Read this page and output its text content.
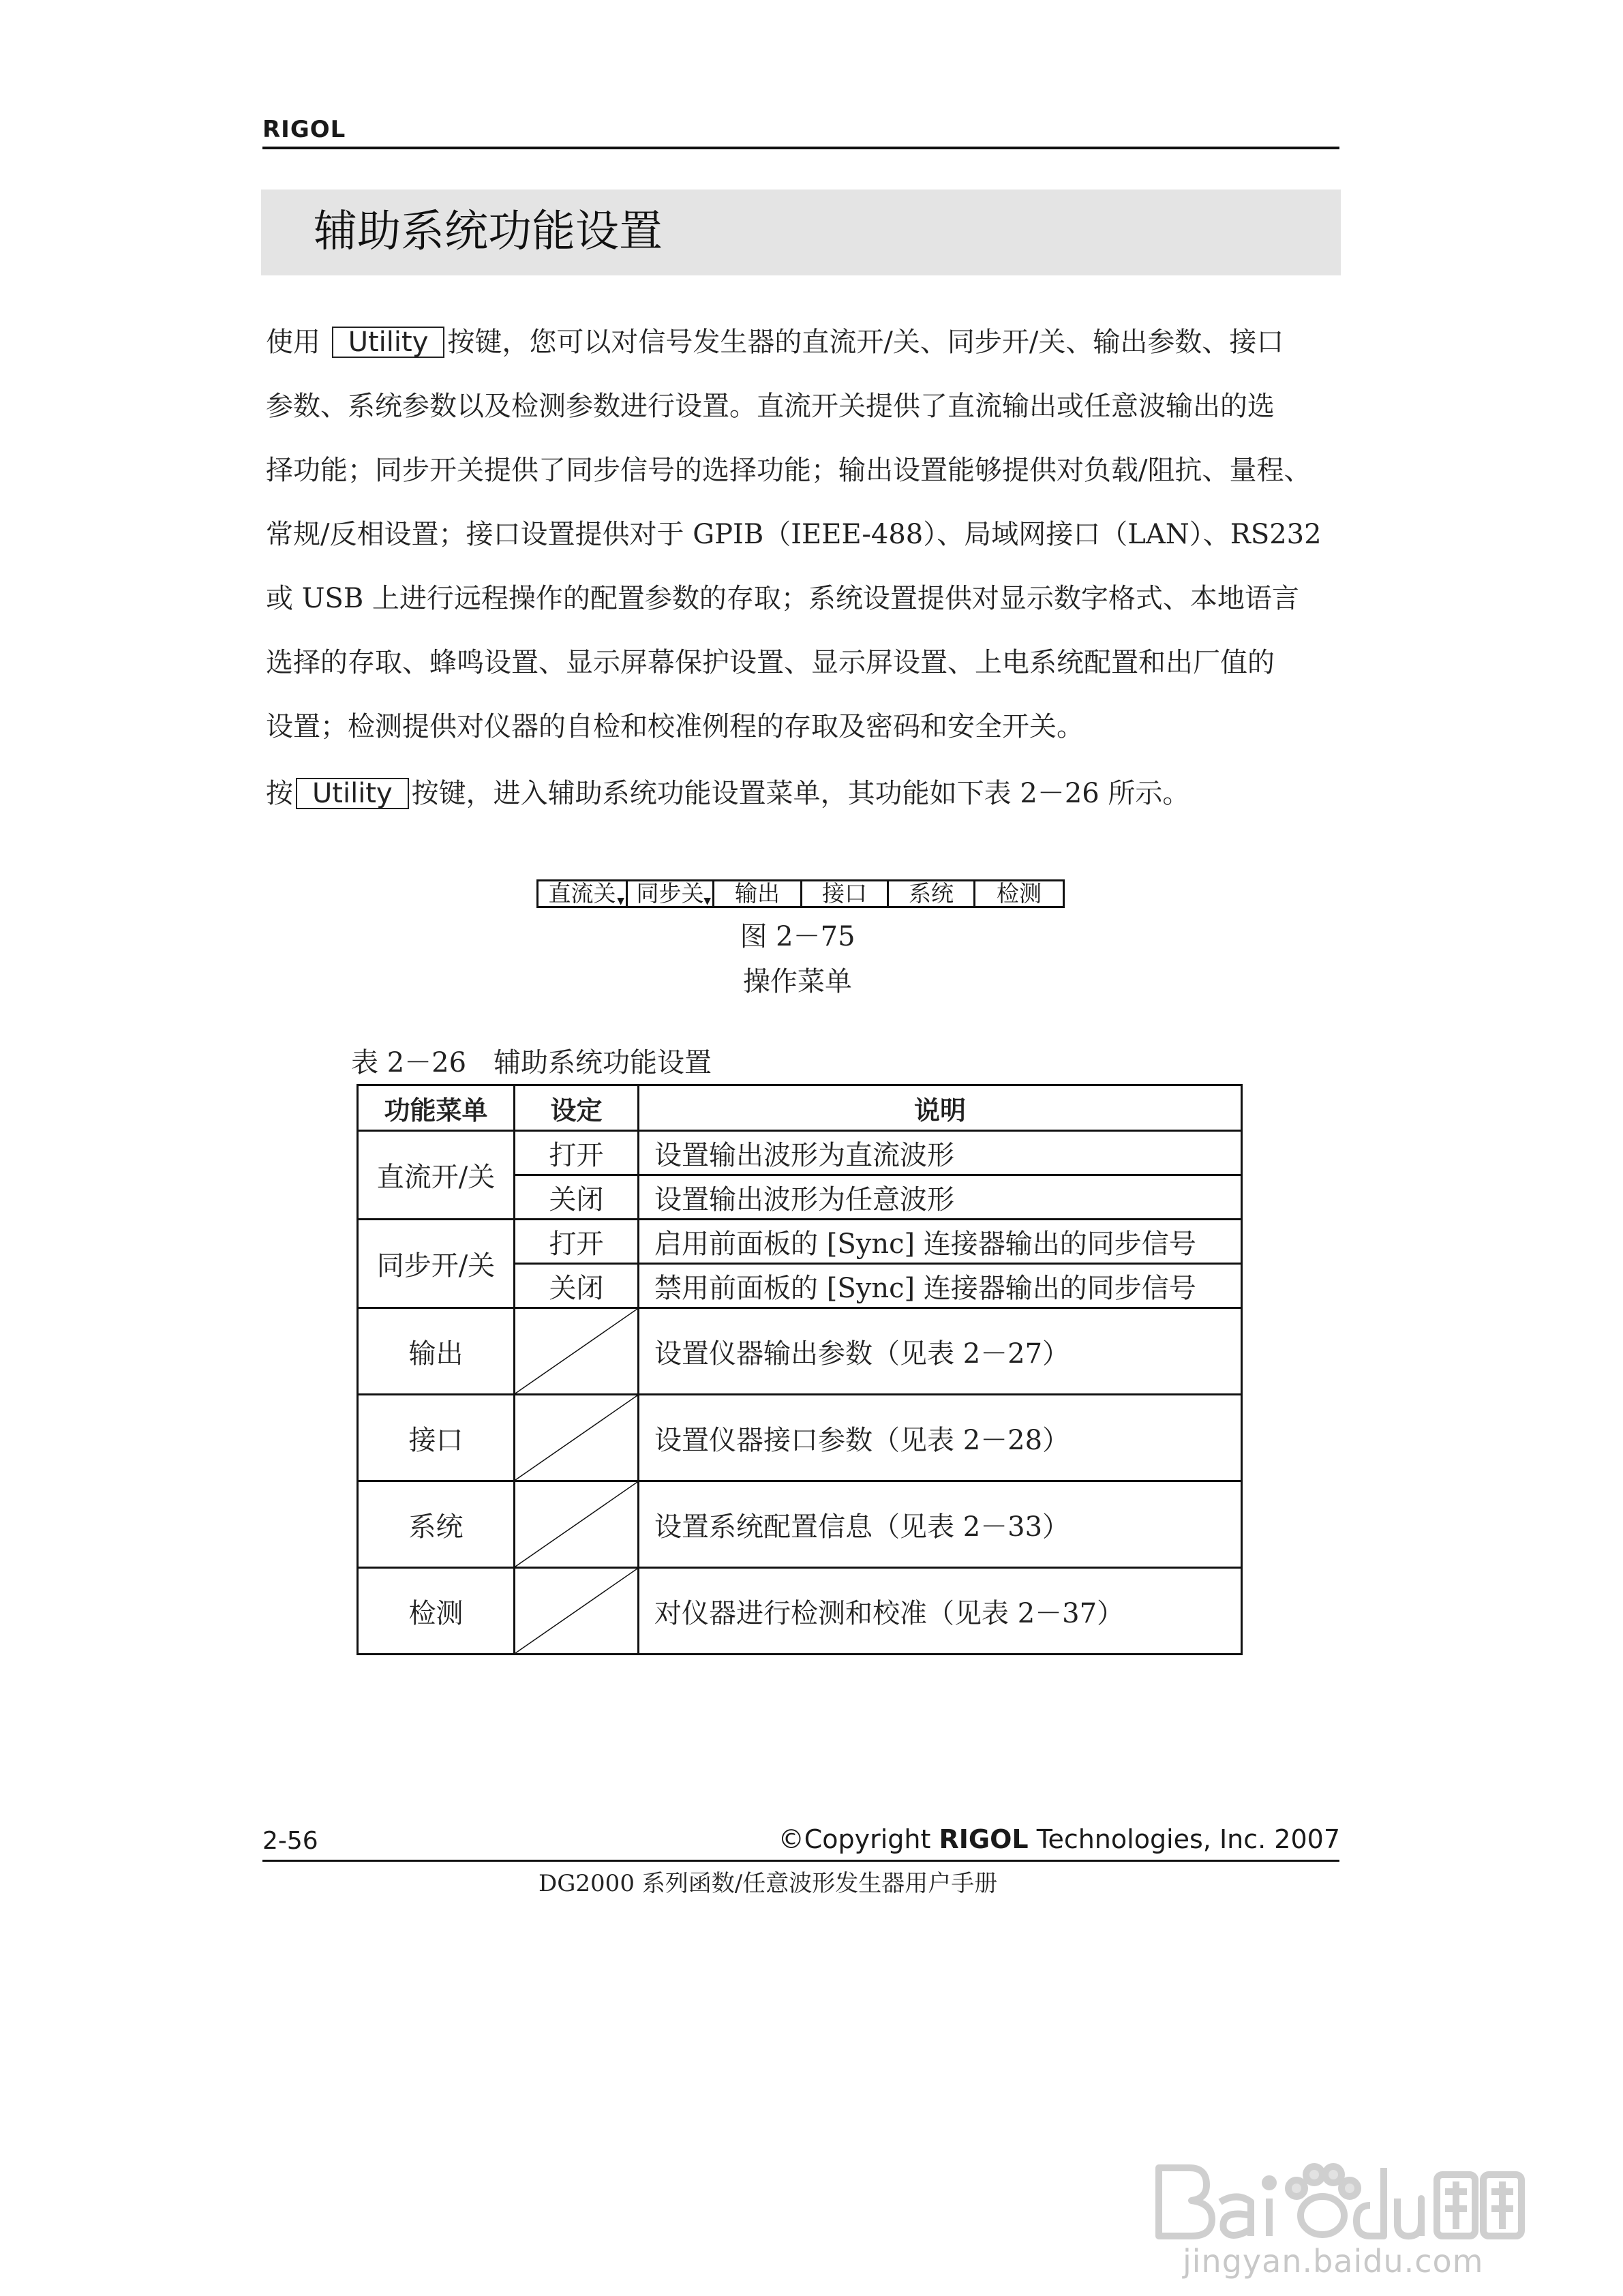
RIGOL
辅助系统功能设置
使用 Utility 按键，您可以对信号发生器的直流开/关、同步开/关、输出参数、接口
参数、系统参数以及检测参数进行设置。直流开关提供了直流输出或任意波输出的选
择功能；同步开关提供了同步信号的选择功能；输出设置能够提供对负载/阻抗、量程、
常规/反相设置；接口设置提供对于 GPIB（IEEE-488）、局域网接口（LAN）、RS232
或 USB 上进行远程操作的配置参数的存取；系统设置提供对显示数字格式、本地语言
选择的存取、蜂鸣设置、显示屏幕保护设置、显示屏设置、上电系统配置和出厂值的
设置；检测提供对仪器的自检和校准例程的存取及密码和安全开关。
按 Utility 按键，进入辅助系统功能设置菜单，其功能如下表 2－26 所示。
直流关 ▼ 同步关 ▼	输出	接口	系统	检测
图 2－75
操作菜单
表 2－26 辅助系统功能设置
功能菜单	设定	说明
直流开/关	打开	设置输出波形为直流波形
	关闭	设置输出波形为任意波形
同步开/关	打开	启用前面板的 [Sync] 连接器输出的同步信号
	关闭	禁用前面板的 [Sync] 连接器输出的同步信号
输出		设置仪器输出参数（见表 2－27）
接口		设置仪器接口参数（见表 2－28）
系统		设置系统配置信息（见表 2－33）
检测		对仪器进行检测和校准（见表 2－37）
2-56	©Copyright RIGOL Technologies, Inc. 2007
DG2000 系列函数/任意波形发生器用户手册
jingyan.baidu.com
